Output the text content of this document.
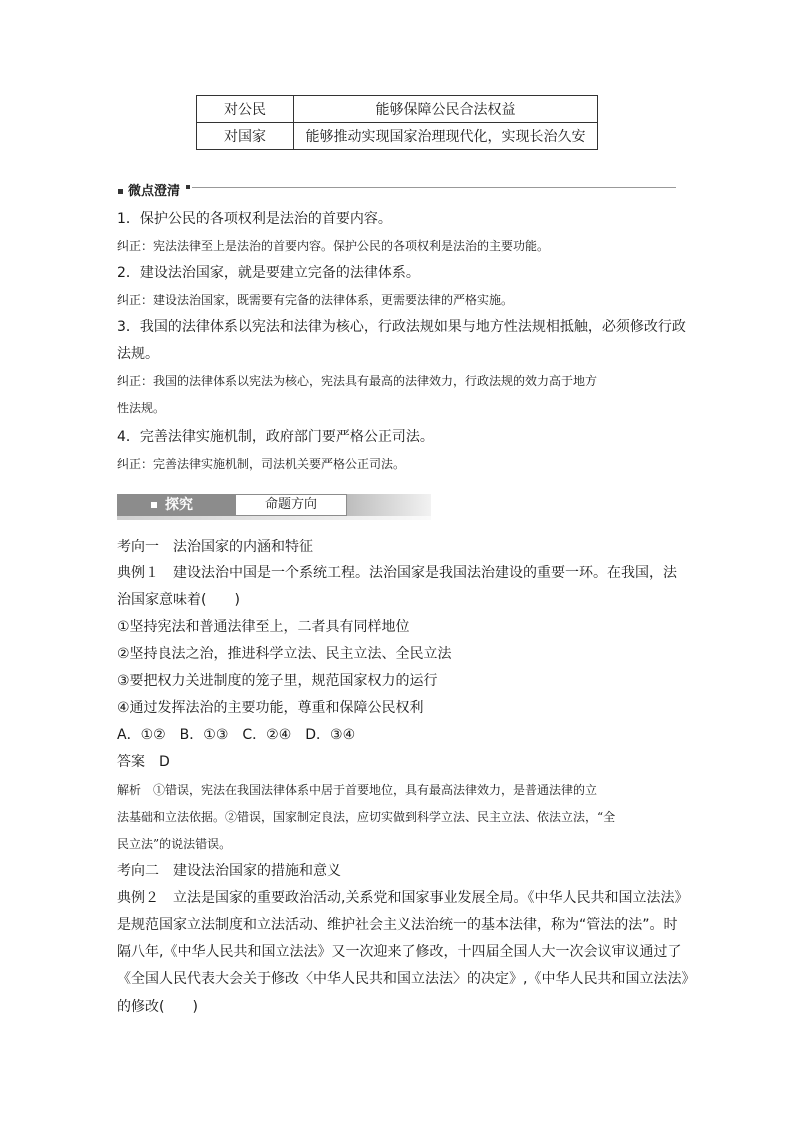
对公民	能够保障公民合法权益
对国家	能够推动实现国家治理现代化，实现长治久安
微点澄清
1．保护公民的各项权利是法治的首要内容。
纠正：宪法法律至上是法治的首要内容。保护公民的各项权利是法治的主要功能。
2．建设法治国家，就是要建立完备的法律体系。
纠正：建设法治国家，既需要有完备的法律体系，更需要法律的严格实施。
3．我国的法律体系以宪法和法律为核心，行政法规如果与地方性法规相抵触，必须修改行政
法规。
纠正：我国的法律体系以宪法为核心，宪法具有最高的法律效力，行政法规的效力高于地方
性法规。
4．完善法律实施机制，政府部门要严格公正司法。
纠正：完善法律实施机制，司法机关要严格公正司法。
探究	命题方向
考向一　法治国家的内涵和特征
典例１　建设法治中国是一个系统工程。法治国家是我国法治建设的重要一环。在我国，法
治国家意味着(　　)
①坚持宪法和普通法律至上，二者具有同样地位
②坚持良法之治，推进科学立法、民主立法、全民立法
③要把权力关进制度的笼子里，规范国家权力的运行
④通过发挥法治的主要功能，尊重和保障公民权利
A．①②　B．①③　C．②④　D．③④
答案　D
解析　①错误，宪法在我国法律体系中居于首要地位，具有最高法律效力，是普通法律的立
法基础和立法依据。②错误，国家制定良法，应切实做到科学立法、民主立法、依法立法，“全
民立法”的说法错误。
考向二　建设法治国家的措施和意义
典例２　立法是国家的重要政治活动,关系党和国家事业发展全局。《中华人民共和国立法法》
是规范国家立法制度和立法活动、维护社会主义法治统一的基本法律，称为“管法的法”。时
隔八年,《中华人民共和国立法法》又一次迎来了修改，十四届全国人大一次会议审议通过了
《全国人民代表大会关于修改〈中华人民共和国立法法〉的决定》,《中华人民共和国立法法》
的修改(　　)
